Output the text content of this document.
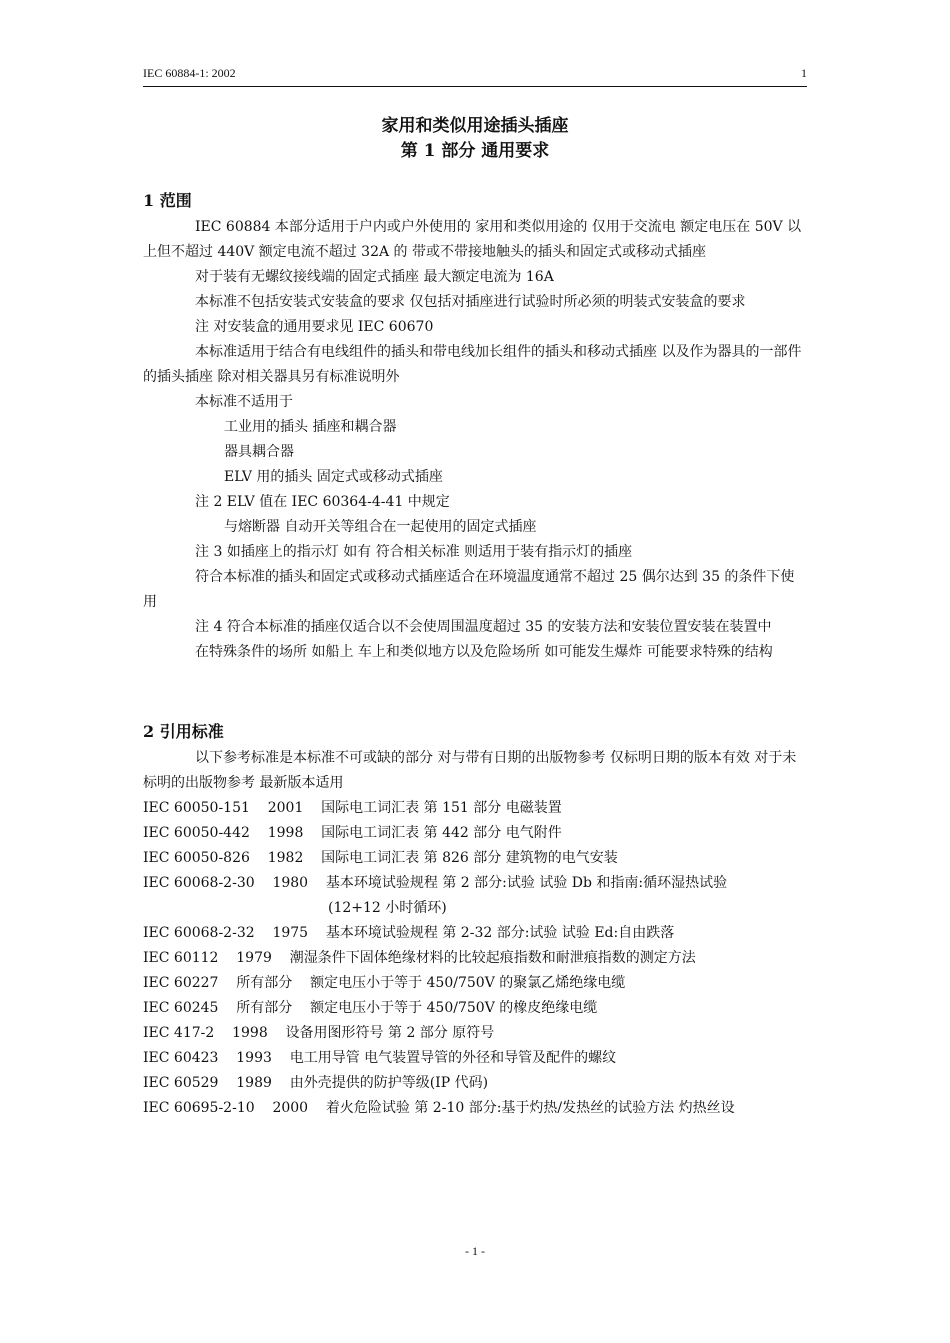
IEC 60884-1: 2002	1
家用和类似用途插头插座
第 1 部分 通用要求
1 范围

IEC 60884 本部分适用于户内或户外使用的 家用和类似用途的 仅用于交流电 额定电压在 50V 以上但不超过 440V 额定电流不超过 32A 的 带或不带接地触头的插头和固定式或移动式插座

对于装有无螺纹接线端的固定式插座 最大额定电流为 16A

本标准不包括安装式安装盒的要求 仅包括对插座进行试验时所必须的明装式安装盒的要求

注 对安装盒的通用要求见 IEC 60670

本标准适用于结合有电线组件的插头和带电线加长组件的插头和移动式插座 以及作为器具的一部件的插头插座 除对相关器具另有标准说明外

本标准不适用于

工业用的插头 插座和耦合器

器具耦合器

ELV 用的插头 固定式或移动式插座

注 2 ELV 值在 IEC 60364-4-41 中规定

与熔断器 自动开关等组合在一起使用的固定式插座

注 3 如插座上的指示灯 如有 符合相关标准 则适用于装有指示灯的插座

符合本标准的插头和固定式或移动式插座适合在环境温度通常不超过 25 偶尔达到 35 的条件下使用

注 4 符合本标准的插座仅适合以不会使周围温度超过 35 的安装方法和安装位置安装在装置中

在特殊条件的场所 如船上 车上和类似地方以及危险场所 如可能发生爆炸 可能要求特殊的结构

2 引用标准

以下参考标准是本标准不可或缺的部分 对与带有日期的出版物参考 仅标明日期的版本有效 对于未标明的出版物参考 最新版本适用

IEC 60050-151 2001 国际电工词汇表 第 151 部分 电磁装置
IEC 60050-442 1998 国际电工词汇表 第 442 部分 电气附件
IEC 60050-826 1982 国际电工词汇表 第 826 部分 建筑物的电气安装
IEC 60068-2-30 1980 基本环境试验规程 第 2 部分:试验 试验 Db 和指南:循环湿热试验
(12+12 小时循环)
IEC 60068-2-32 1975 基本环境试验规程 第 2-32 部分:试验 试验 Ed:自由跌落
IEC 60112 1979 潮湿条件下固体绝缘材料的比较起痕指数和耐泄痕指数的测定方法
IEC 60227 所有部分 额定电压小于等于 450/750V 的聚氯乙烯绝缘电缆
IEC 60245 所有部分 额定电压小于等于 450/750V 的橡皮绝缘电缆
IEC 417-2 1998 设备用图形符号 第 2 部分 原符号
IEC 60423 1993 电工用导管 电气装置导管的外径和导管及配件的螺纹
IEC 60529 1989 由外壳提供的防护等级(IP 代码)
IEC 60695-2-10 2000 着火危险试验 第 2-10 部分:基于灼热/发热丝的试验方法 灼热丝设
- 1 -
